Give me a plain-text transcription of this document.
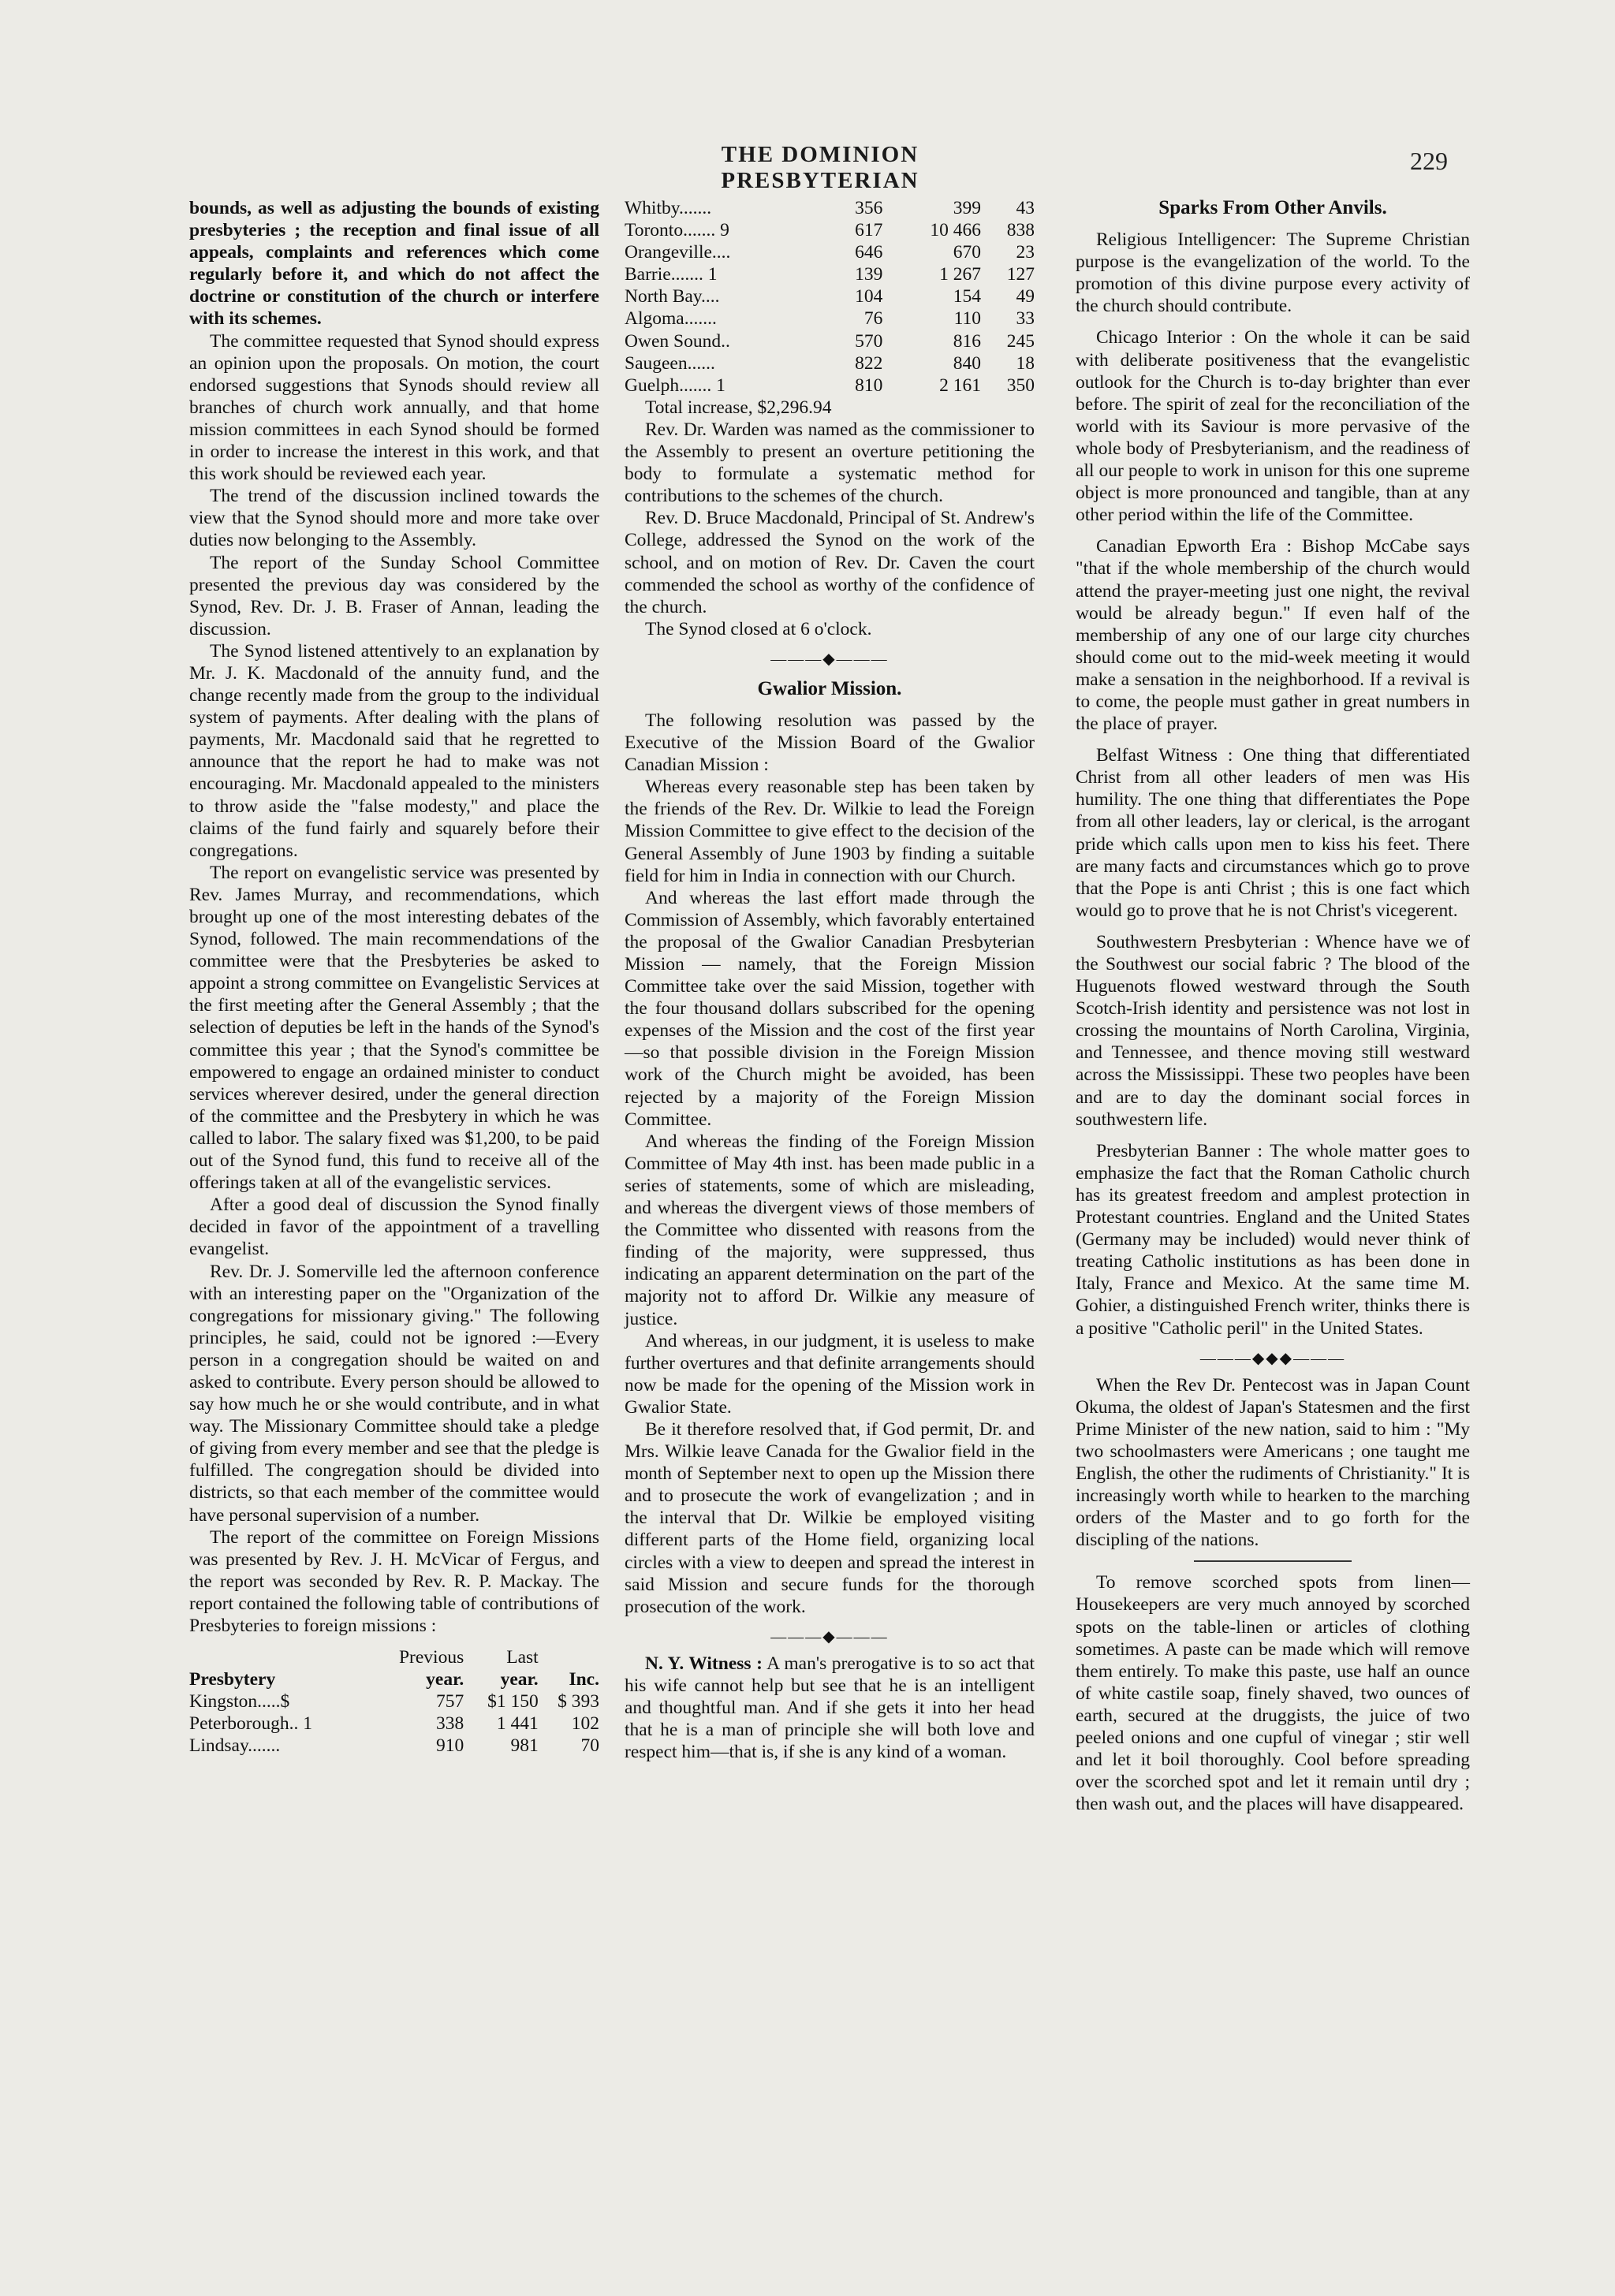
THE DOMINION PRESBYTERIAN
229

bounds, as well as adjusting the bounds of existing presbyteries ; the reception and final issue of all appeals, complaints and references which come regularly before it, and which do not affect the doctrine or constitution of the church or interfere with its schemes.

The committee requested that Synod should express an opinion upon the proposals. On motion, the court endorsed suggestions that Synods should review all branches of church work annually, and that home mission committees in each Synod should be formed in order to increase the interest in this work, and that this work should be reviewed each year.

The trend of the discussion inclined towards the view that the Synod should more and more take over duties now belonging to the Assembly.

The report of the Sunday School Committee presented the previous day was considered by the Synod, Rev. Dr. J. B. Fraser of Annan, leading the discussion.

The Synod listened attentively to an explanation by Mr. J. K. Macdonald of the annuity fund, and the change recently made from the group to the individual system of payments. After dealing with the plans of payments, Mr. Macdonald said that he regretted to announce that the report he had to make was not encouraging. Mr. Macdonald appealed to the ministers to throw aside the "false modesty," and place the claims of the fund fairly and squarely before their congregations.

The report on evangelistic service was presented by Rev. James Murray, and recommendations, which brought up one of the most interesting debates of the Synod, followed. The main recommendations of the committee were that the Presbyteries be asked to appoint a strong committee on Evangelistic Services at the first meeting after the General Assembly ; that the selection of deputies be left in the hands of the Synod's committee this year ; that the Synod's committee be empowered to engage an ordained minister to conduct services wherever desired, under the general direction of the committee and the Presbytery in which he was called to labor. The salary fixed was $1,200, to be paid out of the Synod fund, this fund to receive all of the offerings taken at all of the evangelistic services.

After a good deal of discussion the Synod finally decided in favor of the appointment of a travelling evangelist.

Rev. Dr. J. Somerville led the afternoon conference with an interesting paper on the "Organization of the congregations for missionary giving." The following principles, he said, could not be ignored :—Every person in a congregation should be waited on and asked to contribute. Every person should be allowed to say how much he or she would contribute, and in what way. The Missionary Committee should take a pledge of giving from every member and see that the pledge is fulfilled. The congregation should be divided into districts, so that each member of the committee would have personal supervision of a number.

The report of the committee on Foreign Missions was presented by Rev. J. H. McVicar of Fergus, and the report was seconded by Rev. R. P. Mackay. The report contained the following table of contributions of Presbyteries to foreign missions :

	Previous	Last	
Presbytery	year.	year.	Inc.
Kingston.....$	757	$1 150	$ 393
Peterborough.. 1	338	1 441	102
Lindsay.......	910	981	70
Whitby.......	356	399	43
Toronto....... 9	617	10 466	838
Orangeville....	646	670	23
Barrie....... 1	139	1 267	127
North Bay....	104	154	49
Algoma.......	76	110	33
Owen Sound..	570	816	245
Saugeen......	822	840	18
Guelph....... 1	810	2 161	350

Total increase, $2,296.94

Rev. Dr. Warden was named as the commissioner to the Assembly to present an overture petitioning the body to formulate a systematic method for contributions to the schemes of the church.

Rev. D. Bruce Macdonald, Principal of St. Andrew's College, addressed the Synod on the work of the school, and on motion of Rev. Dr. Caven the court commended the school as worthy of the confidence of the church.

The Synod closed at 6 o'clock.

———◆———
Gwalior Mission.

The following resolution was passed by the Executive of the Mission Board of the Gwalior Canadian Mission :

Whereas every reasonable step has been taken by the friends of the Rev. Dr. Wilkie to lead the Foreign Mission Committee to give effect to the decision of the General Assembly of June 1903 by finding a suitable field for him in India in connection with our Church.

And whereas the last effort made through the Commission of Assembly, which favorably entertained the proposal of the Gwalior Canadian Presbyterian Mission — namely, that the Foreign Mission Committee take over the said Mission, together with the four thousand dollars subscribed for the opening expenses of the Mission and the cost of the first year —so that possible division in the Foreign Mission work of the Church might be avoided, has been rejected by a majority of the Foreign Mission Committee.

And whereas the finding of the Foreign Mission Committee of May 4th inst. has been made public in a series of statements, some of which are misleading, and whereas the divergent views of those members of the Committee who dissented with reasons from the finding of the majority, were suppressed, thus indicating an apparent determination on the part of the majority not to afford Dr. Wilkie any measure of justice.

And whereas, in our judgment, it is useless to make further overtures and that definite arrangements should now be made for the opening of the Mission work in Gwalior State.

Be it therefore resolved that, if God permit, Dr. and Mrs. Wilkie leave Canada for the Gwalior field in the month of September next to open up the Mission there and to prosecute the work of evangelization ; and in the interval that Dr. Wilkie be employed visiting different parts of the Home field, organizing local circles with a view to deepen and spread the interest in said Mission and secure funds for the thorough prosecution of the work.

———◆———

N. Y. Witness : A man's prerogative is to so act that his wife cannot help but see that he is an intelligent and thoughtful man. And if she gets it into her head that he is a man of principle she will both love and respect him—that is, if she is any kind of a woman.

Sparks From Other Anvils.

Religious Intelligencer: The Supreme Christian purpose is the evangelization of the world. To the promotion of this divine purpose every activity of the church should contribute.

Chicago Interior : On the whole it can be said with deliberate positiveness that the evangelistic outlook for the Church is to-day brighter than ever before. The spirit of zeal for the reconciliation of the world with its Saviour is more pervasive of the whole body of Presbyterianism, and the readiness of all our people to work in unison for this one supreme object is more pronounced and tangible, than at any other period within the life of the Committee.

Canadian Epworth Era : Bishop McCabe says "that if the whole membership of the church would attend the prayer-meeting just one night, the revival would be already begun." If even half of the membership of any one of our large city churches should come out to the mid-week meeting it would make a sensation in the neighborhood. If a revival is to come, the people must gather in great numbers in the place of prayer.

Belfast Witness : One thing that differentiated Christ from all other leaders of men was His humility. The one thing that differentiates the Pope from all other leaders, lay or clerical, is the arrogant pride which calls upon men to kiss his feet. There are many facts and circumstances which go to prove that the Pope is anti Christ ; this is one fact which would go to prove that he is not Christ's vicegerent.

Southwestern Presbyterian : Whence have we of the Southwest our social fabric ? The blood of the Huguenots flowed westward through the South Scotch-Irish identity and persistence was not lost in crossing the mountains of North Carolina, Virginia, and Tennessee, and thence moving still westward across the Mississippi. These two peoples have been and are to day the dominant social forces in southwestern life.

Presbyterian Banner : The whole matter goes to emphasize the fact that the Roman Catholic church has its greatest freedom and amplest protection in Protestant countries. England and the United States (Germany may be included) would never think of treating Catholic institutions as has been done in Italy, France and Mexico. At the same time M. Gohier, a distinguished French writer, thinks there is a positive "Catholic peril" in the United States.

———◆◆◆———

When the Rev Dr. Pentecost was in Japan Count Okuma, the oldest of Japan's Statesmen and the first Prime Minister of the new nation, said to him : "My two schoolmasters were Americans ; one taught me English, the other the rudiments of Christianity." It is increasingly worth while to hearken to the marching orders of the Master and to go forth for the discipling of the nations.

To remove scorched spots from linen—Housekeepers are very much annoyed by scorched spots on the table-linen or articles of clothing sometimes. A paste can be made which will remove them entirely. To make this paste, use half an ounce of white castile soap, finely shaved, two ounces of earth, secured at the druggists, the juice of two peeled onions and one cupful of vinegar ; stir well and let it boil thoroughly. Cool before spreading over the scorched spot and let it remain until dry ; then wash out, and the places will have disappeared.
